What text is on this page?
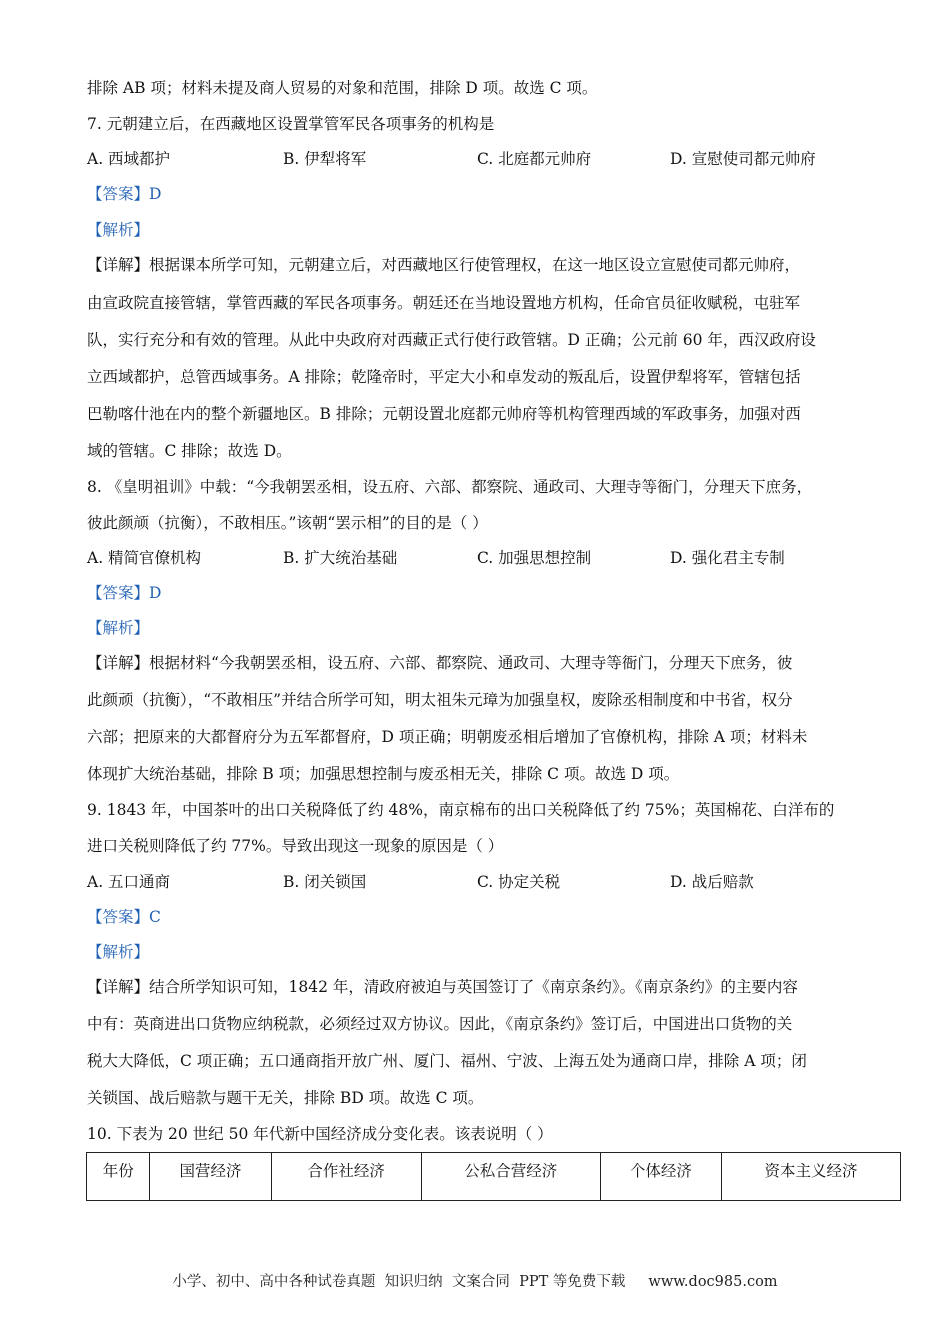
排除 AB 项；材料未提及商人贸易的对象和范围，排除 D 项。故选 C 项。
7. 元朝建立后，在西藏地区设置掌管军民各项事务的机构是
A. 西域都护	B. 伊犁将军	C. 北庭都元帅府	D. 宣慰使司都元帅府
【答案】D
【解析】
【详解】根据课本所学可知，元朝建立后，对西藏地区行使管理权，在这一地区设立宣慰使司都元帅府，
由宣政院直接管辖，掌管西藏的军民各项事务。朝廷还在当地设置地方机构，任命官员征收赋税，屯驻军
队，实行充分和有效的管理。从此中央政府对西藏正式行使行政管辖。D 正确；公元前 60 年，西汉政府设
立西域都护，总管西域事务。A 排除；乾隆帝时，平定大小和卓发动的叛乱后，设置伊犁将军，管辖包括
巴勒喀什池在内的整个新疆地区。B 排除；元朝设置北庭都元帅府等机构管理西域的军政事务，加强对西
域的管辖。C 排除；故选 D。
8. 《皇明祖训》中载：“今我朝罢丞相，设五府、六部、都察院、通政司、大理寺等衙门，分理天下庶务，
彼此颜颃（抗衡），不敢相压。”该朝“罢示相”的目的是（ ）
A. 精简官僚机构	B. 扩大统治基础	C. 加强思想控制	D. 强化君主专制
【答案】D
【解析】
【详解】根据材料“今我朝罢丞相，设五府、六部、都察院、通政司、大理寺等衙门，分理天下庶务，彼
此颜顽（抗衡），“不敢相压”并结合所学可知，明太祖朱元璋为加强皇权，废除丞相制度和中书省，权分
六部；把原来的大都督府分为五军都督府，D 项正确；明朝废丞相后增加了官僚机构，排除 A 项；材料未
体现扩大统治基础，排除 B 项；加强思想控制与废丞相无关，排除 C 项。故选 D 项。
9. 1843 年，中国茶叶的出口关税降低了约 48%，南京棉布的出口关税降低了约 75%；英国棉花、白洋布的
进口关税则降低了约 77%。导致出现这一现象的原因是（ ）
A. 五口通商	B. 闭关锁国	C. 协定关税	D. 战后赔款
【答案】C
【解析】
【详解】结合所学知识可知，1842 年，清政府被迫与英国签订了《南京条约》。《南京条约》的主要内容
中有：英商进出口货物应纳税款，必须经过双方协议。因此，《南京条约》签订后，中国进出口货物的关
税大大降低，C 项正确；五口通商指开放广州、厦门、福州、宁波、上海五处为通商口岸，排除 A 项；闭
关锁国、战后赔款与题干无关，排除 BD 项。故选 C 项。
10. 下表为 20 世纪 50 年代新中国经济成分变化表。该表说明（ ）
年份	国营经济	合作社经济	公私合营经济	个体经济	资本主义经济
小学、初中、高中各种试卷真题  知识归纳  文案合同  PPT 等免费下载     www.doc985.com
